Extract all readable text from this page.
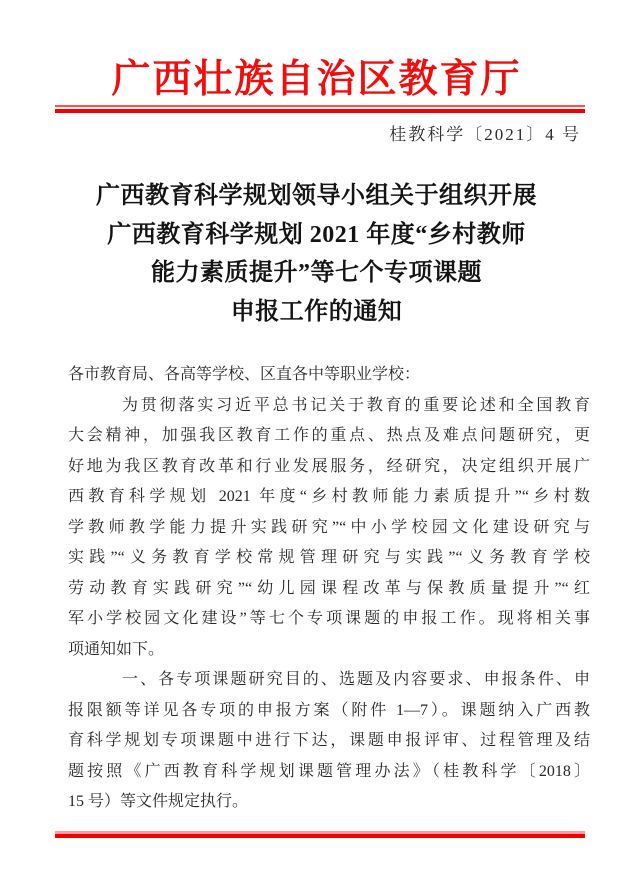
广西壮族自治区教育厅
桂教科学〔2021〕4 号
广西教育科学规划领导小组关于组织开展
广西教育科学规划 2021 年度“乡村教师
能力素质提升”等七个专项课题
申报工作的通知
各市教育局、各高等学校、区直各中等职业学校：
为贯彻落实习近平总书记关于教育的重要论述和全国教育
大会精神，加强我区教育工作的重点、热点及难点问题研究，更
好地为我区教育改革和行业发展服务，经研究，决定组织开展广
西教育科学规划 2021 年度“乡村教师能力素质提升”“乡村数
学教师教学能力提升实践研究”“中小学校园文化建设研究与
实践”“义务教育学校常规管理研究与实践”“义务教育学校
劳动教育实践研究”“幼儿园课程改革与保教质量提升”“红
军小学校园文化建设”等七个专项课题的申报工作。现将相关事
项通知如下。
一、各专项课题研究目的、选题及内容要求、申报条件、申
报限额等详见各专项的申报方案（附件 1—7）。课题纳入广西教
育科学规划专项课题中进行下达，课题申报评审、过程管理及结
题按照《广西教育科学规划课题管理办法》（桂教科学〔2018〕
15 号）等文件规定执行。
